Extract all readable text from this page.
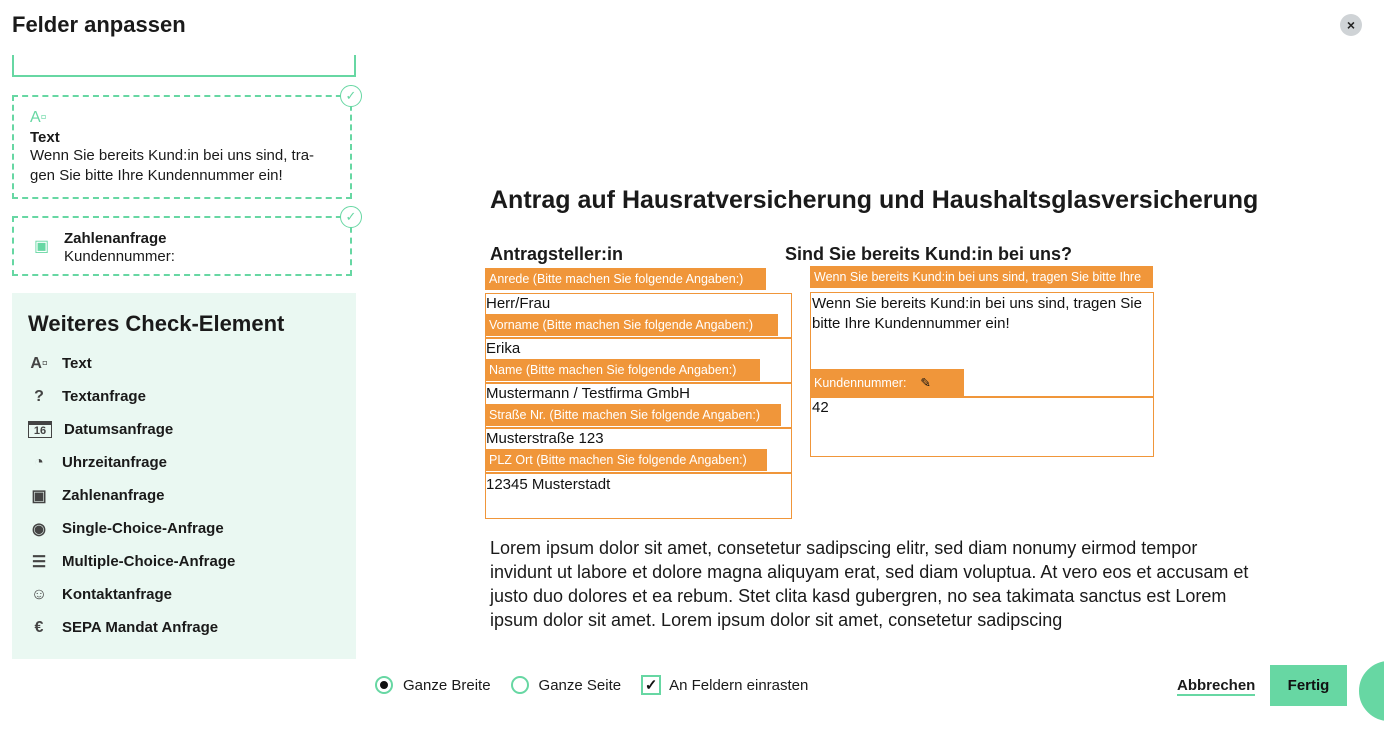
Felder anpassen	×
✓
A▫
Text
Wenn Sie bereits Kund:in bei uns sind, tra-
gen Sie bitte Ihre Kundennummer ein!
✓
▣ Zahlenanfrage
Kundennummer:
Weiteres Check-Element
A▫ Text
?	Textanfrage
16	Datumsanfrage
◔	Uhrzeitanfrage
▣ Zahlenanfrage
◉ Single-Choice-Anfrage
☰ Multiple-Choice-Anfrage
☺ Kontaktanfrage
€	SEPA Mandat Anfrage
Antrag auf Hausratversicherung und Haushaltsglasversicherung
Antragsteller:in	Sind Sie bereits Kund:in bei uns?
Anrede (Bitte machen Sie folgende Angaben:)
Herr/Frau
Vorname (Bitte machen Sie folgende Angaben:)
Erika
Name (Bitte machen Sie folgende Angaben:)
Mustermann / Testfirma GmbH
Straße Nr. (Bitte machen Sie folgende Angaben:)
Musterstraße 123
PLZ Ort (Bitte machen Sie folgende Angaben:)
12345 Musterstadt
Wenn Sie bereits Kund:in bei uns sind, tragen Sie bitte Ihre
Wenn Sie bereits Kund:in bei uns sind, tragen Sie bitte Ihre Kundennummer ein!
Kundennummer: ✎
42
Lorem ipsum dolor sit amet, consetetur sadipscing elitr, sed diam nonumy eirmod tempor invidunt ut labore et dolore magna aliquyam erat, sed diam voluptua. At vero eos et accusam et justo duo dolores et ea rebum. Stet clita kasd gubergren, no sea takimata sanctus est Lorem ipsum dolor sit amet. Lorem ipsum dolor sit amet, consetetur sadipscing
Ganze Breite	Ganze Seite ✓ An Feldern einrasten	Abbrechen	Fertig
